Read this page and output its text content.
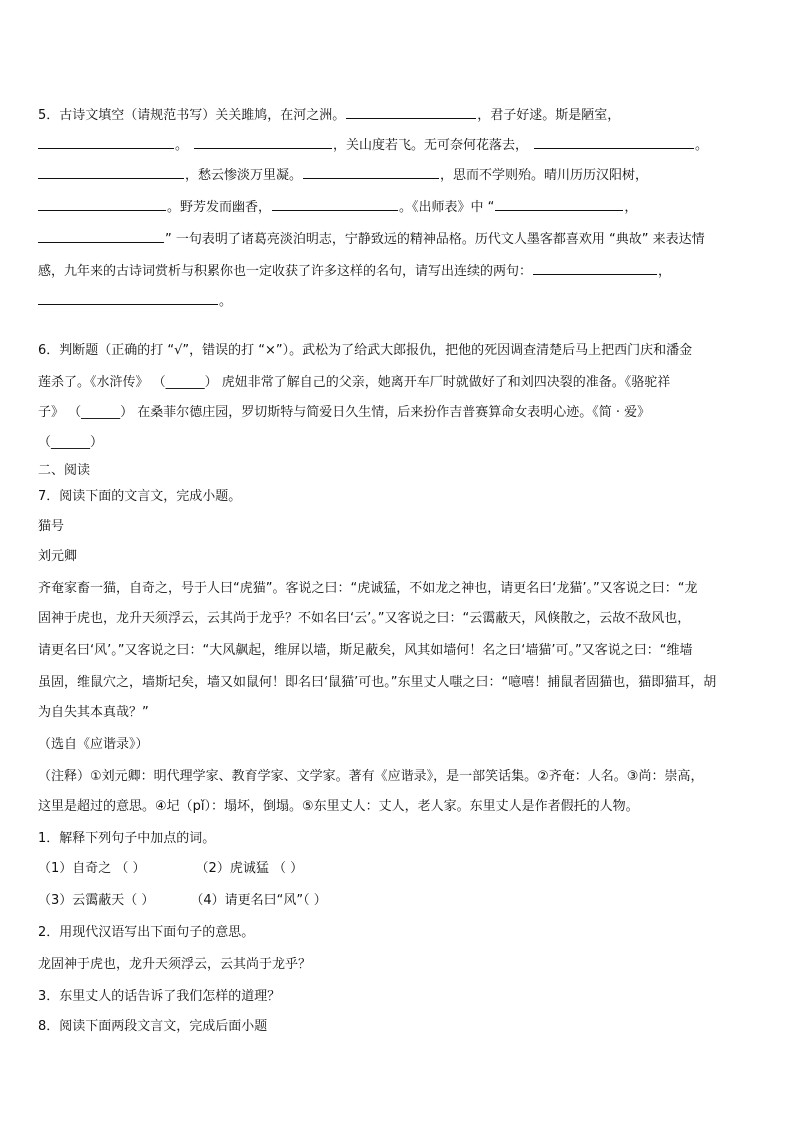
5．古诗文填空（请规范书写）关关雎鸠，在河之洲。	，君子好逑。斯是陋室，
。	，关山度若飞。无可奈何花落去，	。
，愁云惨淡万里凝。	，思而不学则殆。晴川历历汉阳树，
。野芳发而幽香，	。《出师表》中 “	，
” 一句表明了诸葛亮淡泊明志，宁静致远的精神品格。历代文人墨客都喜欢用 “典故” 来表达情
感，九年来的古诗词赏析与积累你也一定收获了许多这样的名句，请写出连续的两句：	，
。
6．判断题（正确的打 “√”，错误的打 “×”）。武松为了给武大郎报仇，把他的死因调查清楚后马上把西门庆和潘金
莲杀了。《水浒传》 （______） 虎妞非常了解自己的父亲，她离开车厂时就做好了和刘四决裂的准备。《骆驼祥
子》 （______） 在桑菲尔德庄园，罗切斯特与简爱日久生情，后来扮作吉普赛算命女表明心迹。《简 · 爱》
（______）
二、阅读
7．阅读下面的文言文，完成小题。
猫号
刘元卿
齐奄家畜一猫，自奇之，号于人曰“虎猫”。客说之曰：“虎诚猛，不如龙之神也，请更名曰‘龙猫’。”又客说之曰：“龙
固神于虎也，龙升天须浮云，云其尚于龙乎？不如名曰‘云’。”又客说之曰：“云霭蔽天，风倏散之，云故不敌风也，
请更名曰‘风’。”又客说之曰：“大风飙起，维屏以墙，斯足蔽矣，风其如墙何！名之曰‘墙猫’可。”又客说之曰：“维墙
虽固，维鼠穴之，墙斯圮矣，墙又如鼠何！即名曰‘鼠猫’可也。”东里丈人嗤之曰：“噫嘻！捕鼠者固猫也，猫即猫耳，胡
为自失其本真哉？”
（选自《应谐录》）
（注释）①刘元卿：明代理学家、教育学家、文学家。著有《应谐录》，是一部笑话集。②齐奄：人名。③尚：崇高，
这里是超过的意思。④圮（pǐ）：塌坏，倒塌。⑤东里丈人：丈人，老人家。东里丈人是作者假托的人物。
1．解释下列句子中加点的词。
（1）自奇之 （ ）	（2）虎诚猛 （ ）
（3）云霭蔽天（ ）	（4）请更名曰“风”（ ）
2．用现代汉语写出下面句子的意思。
龙固神于虎也，龙升天须浮云，云其尚于龙乎？
3．东里丈人的话告诉了我们怎样的道理？
8．阅读下面两段文言文，完成后面小题
